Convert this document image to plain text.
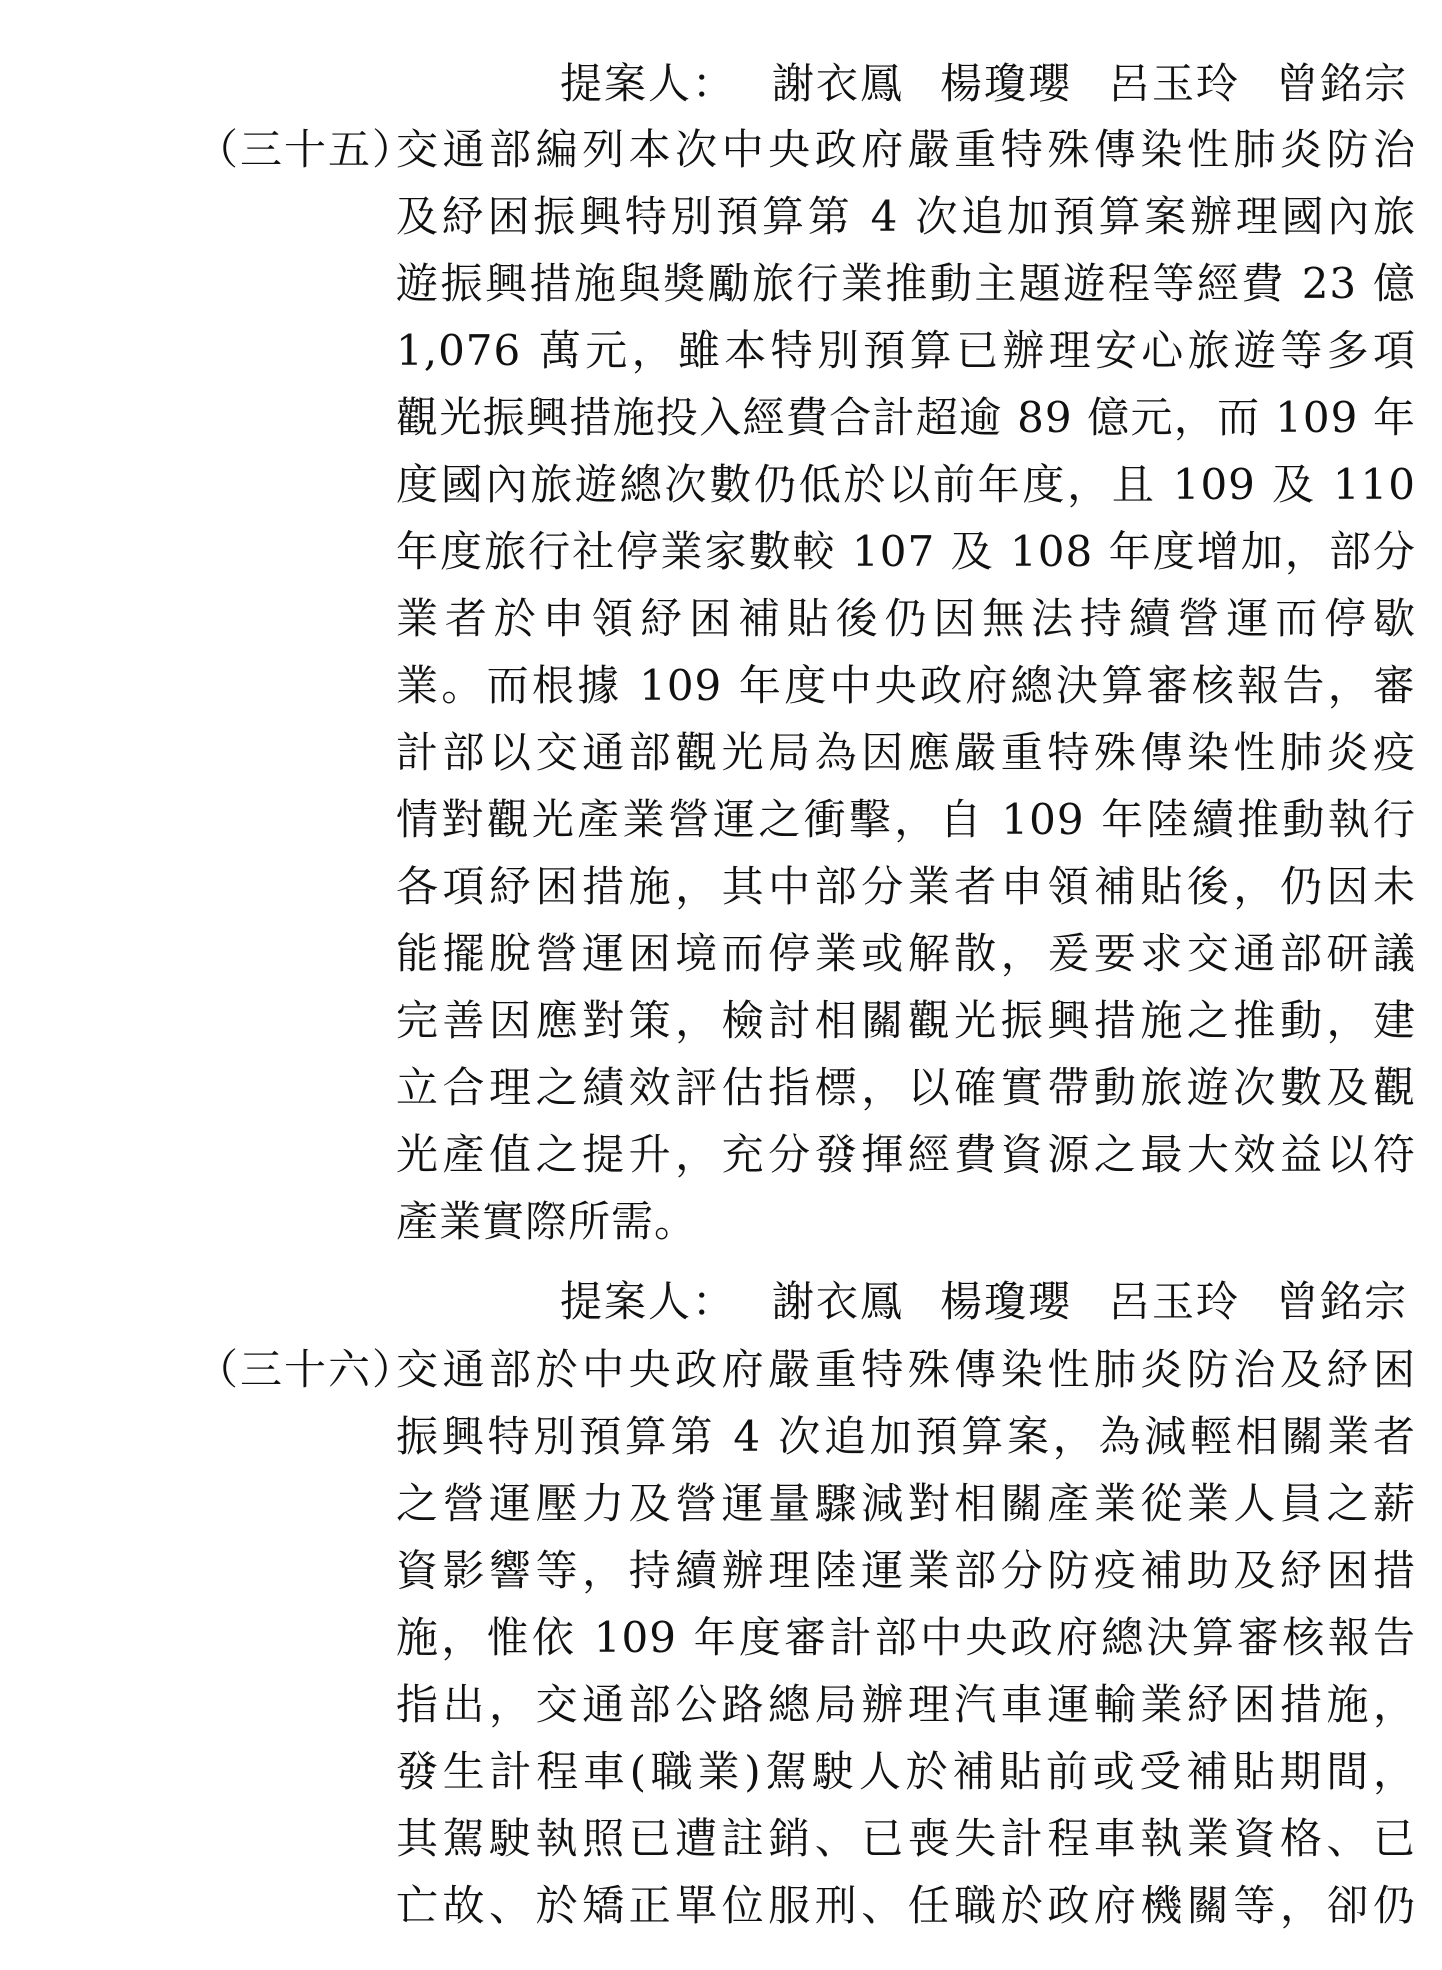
提案人： 謝衣鳳 楊瓊瓔 呂玉玲 曾銘宗
（三十五）
交通部編列本次中央政府嚴重特殊傳染性肺炎防治
及紓困振興特別預算第 4 次追加預算案辦理國內旅
遊振興措施與獎勵旅行業推動主題遊程等經費 23 億
1,076 萬元，雖本特別預算已辦理安心旅遊等多項
觀光振興措施投入經費合計超逾 89 億元，而 109 年
度國內旅遊總次數仍低於以前年度，且 109 及 110
年度旅行社停業家數較 107 及 108 年度增加，部分
業者於申領紓困補貼後仍因無法持續營運而停歇
業。而根據 109 年度中央政府總決算審核報告，審
計部以交通部觀光局為因應嚴重特殊傳染性肺炎疫
情對觀光產業營運之衝擊，自 109 年陸續推動執行
各項紓困措施，其中部分業者申領補貼後，仍因未
能擺脫營運困境而停業或解散，爰要求交通部研議
完善因應對策，檢討相關觀光振興措施之推動，建
立合理之績效評估指標，以確實帶動旅遊次數及觀
光產值之提升，充分發揮經費資源之最大效益以符
產業實際所需。
提案人： 謝衣鳳 楊瓊瓔 呂玉玲 曾銘宗
（三十六）
交通部於中央政府嚴重特殊傳染性肺炎防治及紓困
振興特別預算第 4 次追加預算案，為減輕相關業者
之營運壓力及營運量驟減對相關產業從業人員之薪
資影響等，持續辦理陸運業部分防疫補助及紓困措
施，惟依 109 年度審計部中央政府總決算審核報告
指出，交通部公路總局辦理汽車運輸業紓困措施，
發生計程車(職業)駕駛人於補貼前或受補貼期間，
其駕駛執照已遭註銷、已喪失計程車執業資格、已
亡故、於矯正單位服刑、任職於政府機關等，卻仍
